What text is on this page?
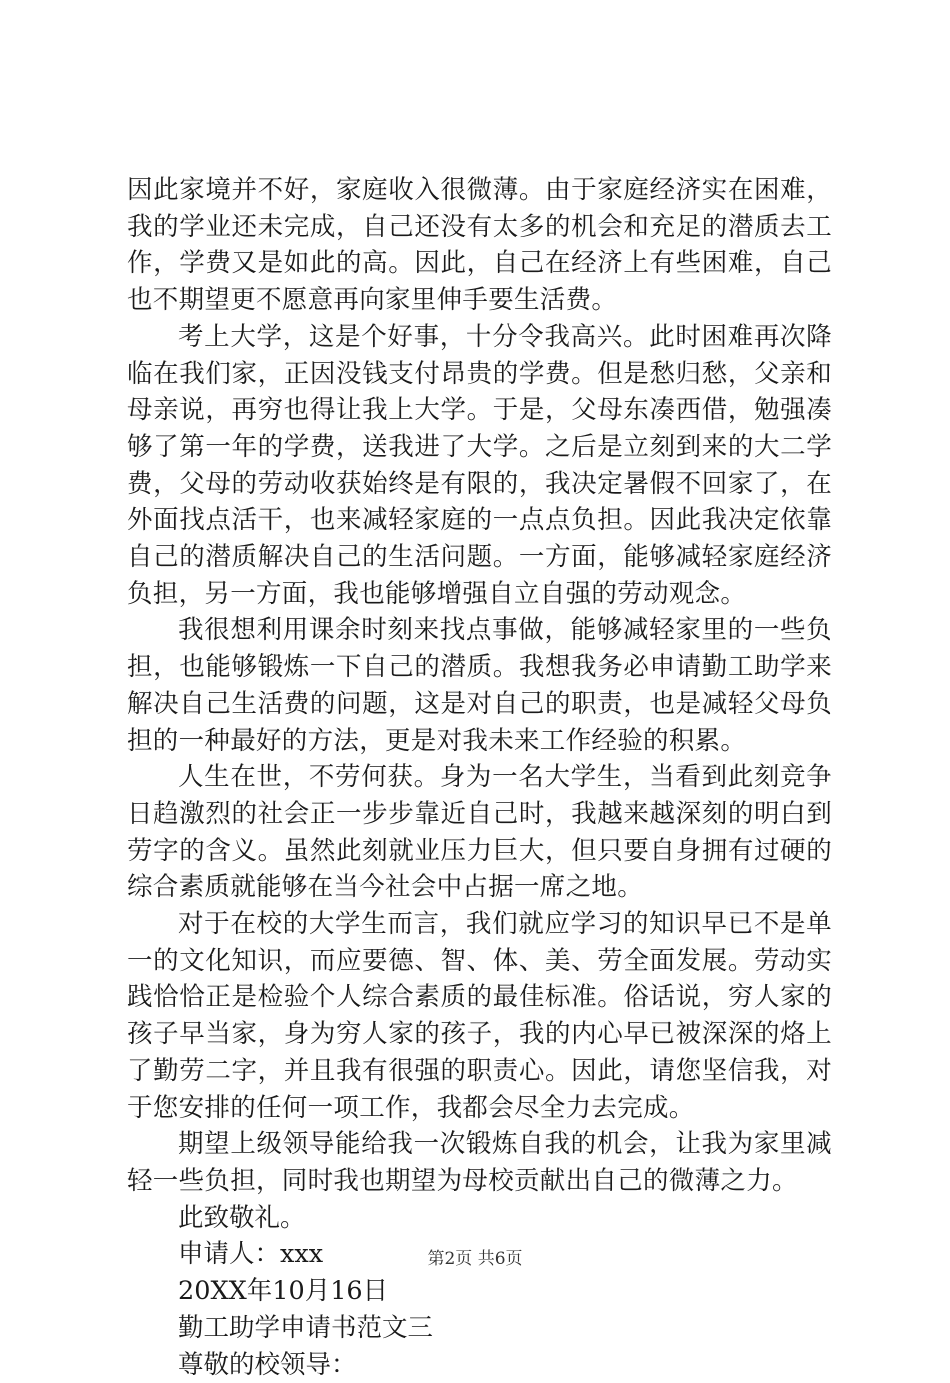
因此家境并不好，家庭收入很微薄。由于家庭经济实在困难，我的学业还未完成，自己还没有太多的机会和充足的潜质去工作，学费又是如此的高。因此，自己在经济上有些困难，自己也不期望更不愿意再向家里伸手要生活费。

考上大学，这是个好事，十分令我高兴。此时困难再次降临在我们家，正因没钱支付昂贵的学费。但是愁归愁，父亲和母亲说，再穷也得让我上大学。于是，父母东凑西借，勉强凑够了第一年的学费，送我进了大学。之后是立刻到来的大二学费，父母的劳动收获始终是有限的，我决定暑假不回家了，在外面找点活干，也来减轻家庭的一点点负担。因此我决定依靠自己的潜质解决自己的生活问题。一方面，能够减轻家庭经济负担，另一方面，我也能够增强自立自强的劳动观念。

我很想利用课余时刻来找点事做，能够减轻家里的一些负担，也能够锻炼一下自己的潜质。我想我务必申请勤工助学来解决自己生活费的问题，这是对自己的职责，也是减轻父母负担的一种最好的方法，更是对我未来工作经验的积累。

人生在世，不劳何获。身为一名大学生，当看到此刻竞争日趋激烈的社会正一步步靠近自己时，我越来越深刻的明白到劳字的含义。虽然此刻就业压力巨大，但只要自身拥有过硬的综合素质就能够在当今社会中占据一席之地。

对于在校的大学生而言，我们就应学习的知识早已不是单一的文化知识，而应要德、智、体、美、劳全面发展。劳动实践恰恰正是检验个人综合素质的最佳标准。俗话说，穷人家的孩子早当家，身为穷人家的孩子，我的内心早已被深深的烙上了勤劳二字，并且我有很强的职责心。因此，请您坚信我，对于您安排的任何一项工作，我都会尽全力去完成。

期望上级领导能给我一次锻炼自我的机会，让我为家里减轻一些负担，同时我也期望为母校贡献出自己的微薄之力。

此致敬礼。

申请人：xxx

20XX年10月16日

勤工助学申请书范文三

尊敬的校领导：

第2页 共6页
